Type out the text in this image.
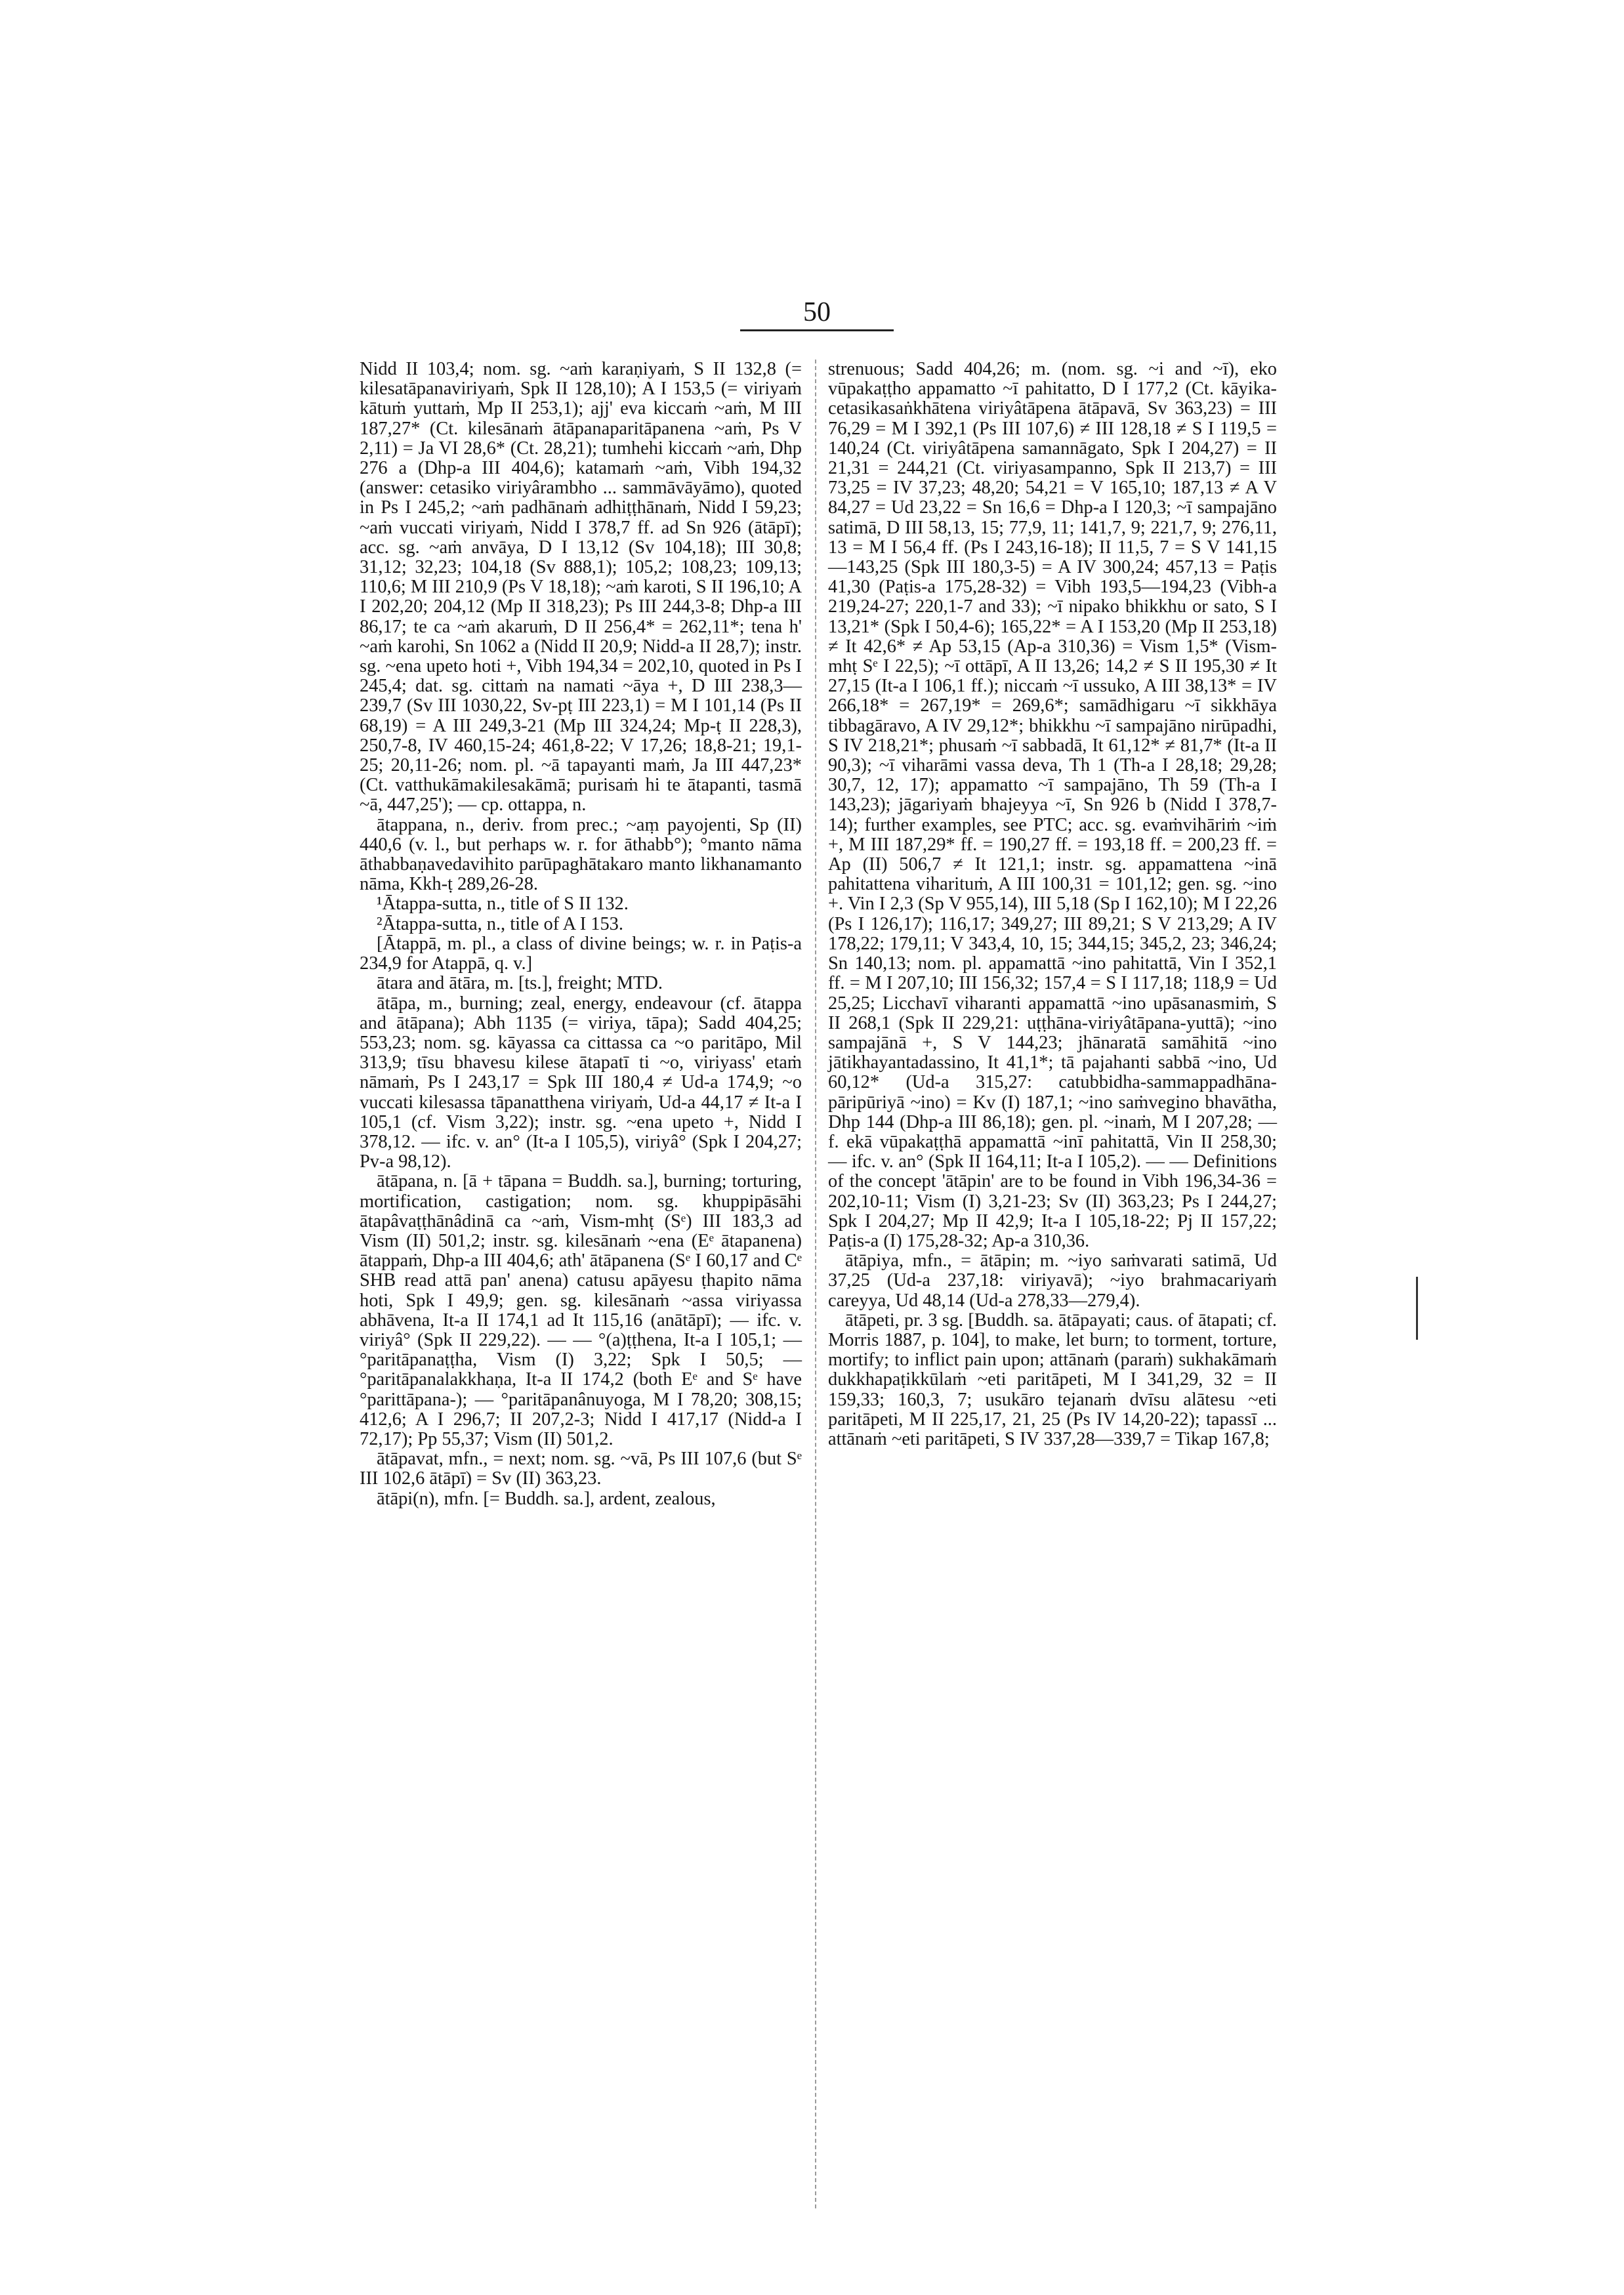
50

Nidd II 103,4; nom. sg. ~aṁ karaṇiyaṁ, S II 132,8 (= kilesatāpanaviriyaṁ, Spk II 128,10); A I 153,5 (= viriyaṁ kātuṁ yuttaṁ, Mp II 253,1); ajj' eva kiccaṁ ~aṁ, M III 187,27* (Ct. kilesānaṁ ātāpanaparitāpanena ~aṁ, Ps V 2,11) = Ja VI 28,6* (Ct. 28,21); tumhehi kiccaṁ ~aṁ, Dhp 276 a (Dhp-a III 404,6); katamaṁ ~aṁ, Vibh 194,32 (answer: cetasiko viriyârambho ... sammāvāyāmo), quoted in Ps I 245,2; ~aṁ padhānaṁ adhiṭṭhānaṁ, Nidd I 59,23; ~aṁ vuccati viriyaṁ, Nidd I 378,7 ff. ad Sn 926 (ātāpī); acc. sg. ~aṁ anvāya, D I 13,12 (Sv 104,18); III 30,8; 31,12; 32,23; 104,18 (Sv 888,1); 105,2; 108,23; 109,13; 110,6; M III 210,9 (Ps V 18,18); ~aṁ karoti, S II 196,10; A I 202,20; 204,12 (Mp II 318,23); Ps III 244,3-8; Dhp-a III 86,17; te ca ~aṁ akaruṁ, D II 256,4* = 262,11*; tena h' ~aṁ karohi, Sn 1062 a (Nidd II 20,9; Nidd-a II 28,7); instr. sg. ~ena upeto hoti +, Vibh 194,34 = 202,10, quoted in Ps I 245,4; dat. sg. cittaṁ na namati ~āya +, D III 238,3—239,7 (Sv III 1030,22, Sv-pṭ III 223,1) = M I 101,14 (Ps II 68,19) = A III 249,3-21 (Mp III 324,24; Mp-ṭ II 228,3), 250,7-8, IV 460,15-24; 461,8-22; V 17,26; 18,8-21; 19,1-25; 20,11-26; nom. pl. ~ā tapayanti maṁ, Ja III 447,23* (Ct. vatthukāmakilesakāmā; purisaṁ hi te ātapanti, tasmā ~ā, 447,25'); — cp. ottappa, n.

ātappana, n., deriv. from prec.; ~aṃ payojenti, Sp (II) 440,6 (v. l., but perhaps w. r. for āthabb°); °manto nāma āthabbaṇavedavihito parūpaghātakaro manto likhanamanto nāma, Kkh-ṭ 289,26-28.

¹Ātappa-sutta, n., title of S II 132.

²Ātappa-sutta, n., title of A I 153.

[Ātappā, m. pl., a class of divine beings; w. r. in Paṭis-a 234,9 for Atappā, q. v.]

ātara and ātāra, m. [ts.], freight; MTD.

ātāpa, m., burning; zeal, energy, endeavour (cf. ātappa and ātāpana); Abh 1135 (= viriya, tāpa); Sadd 404,25; 553,23; nom. sg. kāyassa ca cittassa ca ~o paritāpo, Mil 313,9; tīsu bhavesu kilese ātapatī ti ~o, viriyass' etaṁ nāmaṁ, Ps I 243,17 = Spk III 180,4 ≠ Ud-a 174,9; ~o vuccati kilesassa tāpanatthena viriyaṁ, Ud-a 44,17 ≠ It-a I 105,1 (cf. Vism 3,22); instr. sg. ~ena upeto +, Nidd I 378,12. — ifc. v. an° (It-a I 105,5), viriyâ° (Spk I 204,27; Pv-a 98,12).

ātāpana, n. [ā + tāpana = Buddh. sa.], burning; torturing, mortification, castigation; nom. sg. khuppipāsāhi ātapâvaṭṭhānâdinā ca ~aṁ, Vism-mhṭ (Sᵉ) III 183,3 ad Vism (II) 501,2; instr. sg. kilesānaṁ ~ena (Eᵉ ātapanena) ātappaṁ, Dhp-a III 404,6; ath' ātāpanena (Sᵉ I 60,17 and Cᵉ SHB read attā pan' anena) catusu apāyesu ṭhapito nāma hoti, Spk I 49,9; gen. sg. kilesānaṁ ~assa viriyassa abhāvena, It-a II 174,1 ad It 115,16 (anātāpī); — ifc. v. viriyâ° (Spk II 229,22). — — °(a)ṭṭhena, It-a I 105,1; — °paritāpanaṭṭha, Vism (I) 3,22; Spk I 50,5; — °paritāpanalakkhaṇa, It-a II 174,2 (both Eᵉ and Sᵉ have °parittāpana-); — °paritāpanânuyoga, M I 78,20; 308,15; 412,6; A I 296,7; II 207,2-3; Nidd I 417,17 (Nidd-a I 72,17); Pp 55,37; Vism (II) 501,2.

ātāpavat, mfn., = next; nom. sg. ~vā, Ps III 107,6 (but Sᵉ III 102,6 ātāpī) = Sv (II) 363,23.

ātāpi(n), mfn. [= Buddh. sa.], ardent, zealous,

strenuous; Sadd 404,26; m. (nom. sg. ~i and ~ī), eko vūpakaṭṭho appamatto ~ī pahitatto, D I 177,2 (Ct. kāyika-cetasikasaṅkhātena viriyâtāpena ātāpavā, Sv 363,23) = III 76,29 = M I 392,1 (Ps III 107,6) ≠ III 128,18 ≠ S I 119,5 = 140,24 (Ct. viriyâtāpena samannāgato, Spk I 204,27) = II 21,31 = 244,21 (Ct. viriyasampanno, Spk II 213,7) = III 73,25 = IV 37,23; 48,20; 54,21 = V 165,10; 187,13 ≠ A V 84,27 = Ud 23,22 = Sn 16,6 = Dhp-a I 120,3; ~ī sampajāno satimā, D III 58,13, 15; 77,9, 11; 141,7, 9; 221,7, 9; 276,11, 13 = M I 56,4 ff. (Ps I 243,16-18); II 11,5, 7 = S V 141,15—143,25 (Spk III 180,3-5) = A IV 300,24; 457,13 = Paṭis 41,30 (Paṭis-a 175,28-32) = Vibh 193,5—194,23 (Vibh-a 219,24-27; 220,1-7 and 33); ~ī nipako bhikkhu or sato, S I 13,21* (Spk I 50,4-6); 165,22* = A I 153,20 (Mp II 253,18) ≠ It 42,6* ≠ Ap 53,15 (Ap-a 310,36) = Vism 1,5* (Vism-mhṭ Sᵉ I 22,5); ~ī ottāpī, A II 13,26; 14,2 ≠ S II 195,30 ≠ It 27,15 (It-a I 106,1 ff.); niccaṁ ~ī ussuko, A III 38,13* = IV 266,18* = 267,19* = 269,6*; samādhigaru ~ī sikkhāya tibbagāravo, A IV 29,12*; bhikkhu ~ī sampajāno nirūpadhi, S IV 218,21*; phusaṁ ~ī sabbadā, It 61,12* ≠ 81,7* (It-a II 90,3); ~ī viharāmi vassa deva, Th 1 (Th-a I 28,18; 29,28; 30,7, 12, 17); appamatto ~ī sampajāno, Th 59 (Th-a I 143,23); jāgariyaṁ bhajeyya ~ī, Sn 926 b (Nidd I 378,7-14); further examples, see PTC; acc. sg. evaṁvihāriṁ ~iṁ +, M III 187,29* ff. = 190,27 ff. = 193,18 ff. = 200,23 ff. = Ap (II) 506,7 ≠ It 121,1; instr. sg. appamattena ~inā pahitattena viharituṁ, A III 100,31 = 101,12; gen. sg. ~ino +. Vin I 2,3 (Sp V 955,14), III 5,18 (Sp I 162,10); M I 22,26 (Ps I 126,17); 116,17; 349,27; III 89,21; S V 213,29; A IV 178,22; 179,11; V 343,4, 10, 15; 344,15; 345,2, 23; 346,24; Sn 140,13; nom. pl. appamattā ~ino pahitattā, Vin I 352,1 ff. = M I 207,10; III 156,32; 157,4 = S I 117,18; 118,9 = Ud 25,25; Licchavī viharanti appamattā ~ino upāsanasmiṁ, S II 268,1 (Spk II 229,21: uṭṭhāna-viriyâtāpana-yuttā); ~ino sampajānā +, S V 144,23; jhānaratā samāhitā ~ino jātikhayantadassino, It 41,1*; tā pajahanti sabbā ~ino, Ud 60,12* (Ud-a 315,27: catubbidha-sammappadhāna-pāripūriyā ~ino) = Kv (I) 187,1; ~ino saṁvegino bhavātha, Dhp 144 (Dhp-a III 86,18); gen. pl. ~inaṁ, M I 207,28; — f. ekā vūpakaṭṭhā appamattā ~inī pahitattā, Vin II 258,30; — ifc. v. an° (Spk II 164,11; It-a I 105,2). — — Definitions of the concept 'ātāpin' are to be found in Vibh 196,34-36 = 202,10-11; Vism (I) 3,21-23; Sv (II) 363,23; Ps I 244,27; Spk I 204,27; Mp II 42,9; It-a I 105,18-22; Pj II 157,22; Paṭis-a (I) 175,28-32; Ap-a 310,36.

ātāpiya, mfn., = ātāpin; m. ~iyo saṁvarati satimā, Ud 37,25 (Ud-a 237,18: viriyavā); ~iyo brahmacariyaṁ careyya, Ud 48,14 (Ud-a 278,33—279,4).

ātāpeti, pr. 3 sg. [Buddh. sa. ātāpayati; caus. of ātapati; cf. Morris 1887, p. 104], to make, let burn; to torment, torture, mortify; to inflict pain upon; attānaṁ (paraṁ) sukhakāmaṁ dukkhapaṭikkūlaṁ ~eti paritāpeti, M I 341,29, 32 = II 159,33; 160,3, 7; usukāro tejanaṁ dvīsu alātesu ~eti paritāpeti, M II 225,17, 21, 25 (Ps IV 14,20-22); tapassī ... attānaṁ ~eti paritāpeti, S IV 337,28—339,7 = Tikap 167,8;
